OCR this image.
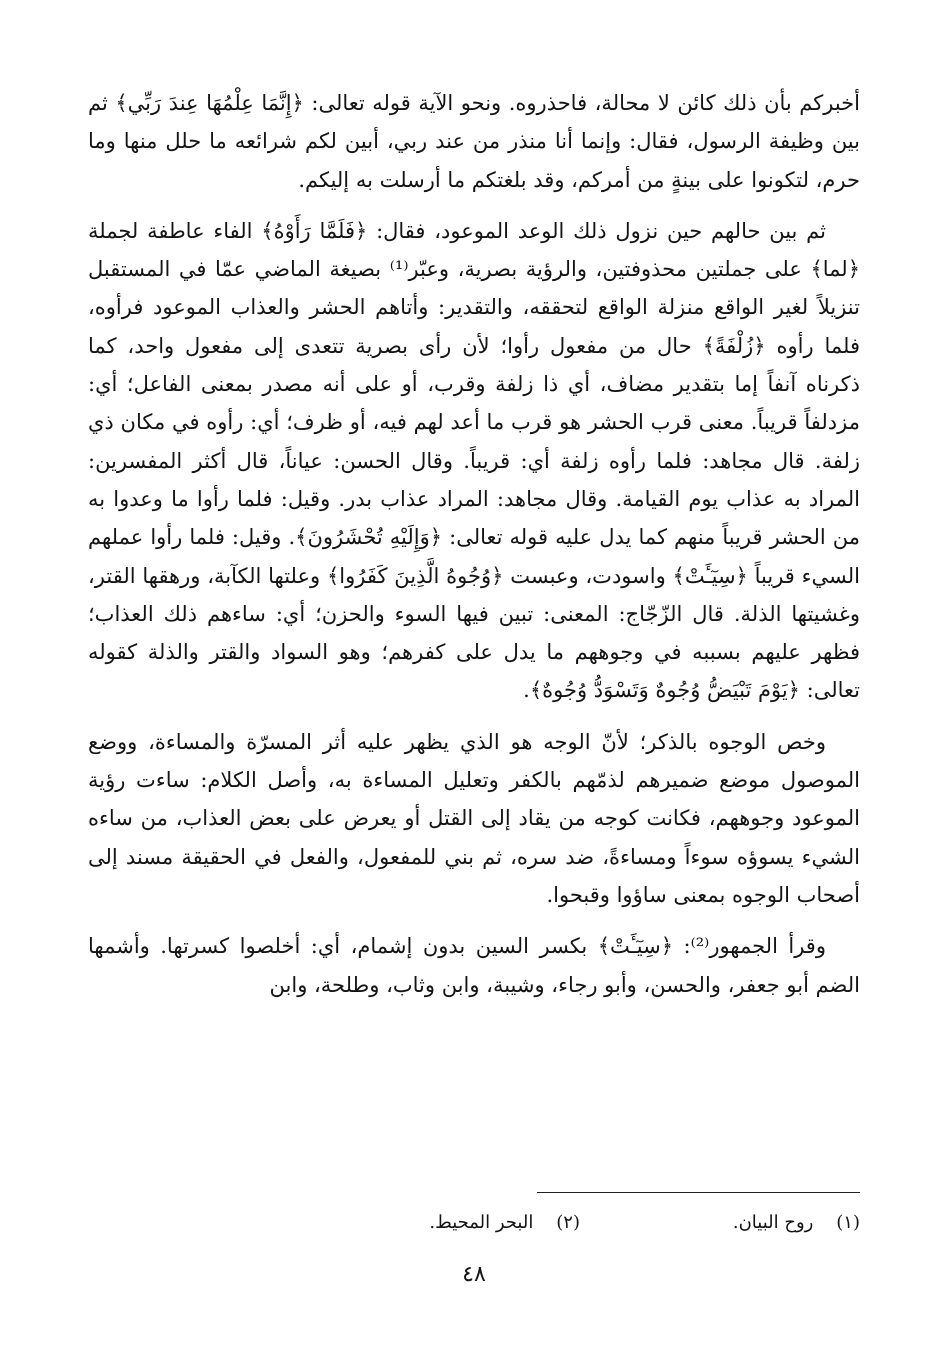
أخبركم بأن ذلك كائن لا محالة، فاحذروه. ونحو الآية قوله تعالى: ﴿إِنَّمَا عِلْمُهَا عِندَ رَبِّي﴾ ثم بين وظيفة الرسول، فقال: وإنما أنا منذر من عند ربي، أبين لكم شرائعه ما حلل منها وما حرم، لتكونوا على بينةٍ من أمركم، وقد بلغتكم ما أرسلت به إليكم.

ثم بين حالهم حين نزول ذلك الوعد الموعود، فقال: ﴿فَلَمَّا رَأَوْهُ﴾ الفاء عاطفة لجملة ﴿لما﴾ على جملتين محذوفتين، والرؤية بصرية، وعبّر⁽¹⁾ بصيغة الماضي عمّا في المستقبل تنزيلاً لغير الواقع منزلة الواقع لتحققه، والتقدير: وأتاهم الحشر والعذاب الموعود فرأوه، فلما رأوه ﴿زُلْفَةً﴾ حال من مفعول رأوا؛ لأن رأى بصرية تتعدى إلى مفعول واحد، كما ذكرناه آنفاً إما بتقدير مضاف، أي ذا زلفة وقرب، أو على أنه مصدر بمعنى الفاعل؛ أي: مزدلفاً قريباً. معنى قرب الحشر هو قرب ما أعد لهم فيه، أو ظرف؛ أي: رأوه في مكان ذي زلفة. قال مجاهد: فلما رأوه زلفة أي: قريباً. وقال الحسن: عياناً، قال أكثر المفسرين: المراد به عذاب يوم القيامة. وقال مجاهد: المراد عذاب بدر. وقيل: فلما رأوا ما وعدوا به من الحشر قريباً منهم كما يدل عليه قوله تعالى: ﴿وَإِلَيْهِ تُحْشَرُونَ﴾. وقيل: فلما رأوا عملهم السيء قريباً ﴿سِيٓـَٔتْ﴾ واسودت، وعبست ﴿وُجُوهُ الَّذِينَ كَفَرُوا﴾ وعلتها الكآبة، ورهقها القتر، وغشيتها الذلة. قال الزّجّاج: المعنى: تبين فيها السوء والحزن؛ أي: ساءهم ذلك العذاب؛ فظهر عليهم بسببه في وجوههم ما يدل على كفرهم؛ وهو السواد والقتر والذلة كقوله تعالى: ﴿يَوْمَ تَبْيَضُّ وُجُوهٌ وَتَسْوَدُّ وُجُوهٌ﴾.

وخص الوجوه بالذكر؛ لأنّ الوجه هو الذي يظهر عليه أثر المسرّة والمساءة، ووضع الموصول موضع ضميرهم لذمّهم بالكفر وتعليل المساءة به، وأصل الكلام: ساءت رؤية الموعود وجوههم، فكانت كوجه من يقاد إلى القتل أو يعرض على بعض العذاب، من ساءه الشيء يسوؤه سوءاً ومساءةً، ضد سره، ثم بني للمفعول، والفعل في الحقيقة مسند إلى أصحاب الوجوه بمعنى ساؤوا وقبحوا.

وقرأ الجمهور⁽²⁾: ﴿سِيٓـَٔتْ﴾ بكسر السين بدون إشمام، أي: أخلصوا كسرتها. وأشمها الضم أبو جعفر، والحسن، وأبو رجاء، وشيبة، وابن وثاب، وطلحة، وابن

(١)    روح البيان.
(٢)    البحر المحيط.
٤٨
